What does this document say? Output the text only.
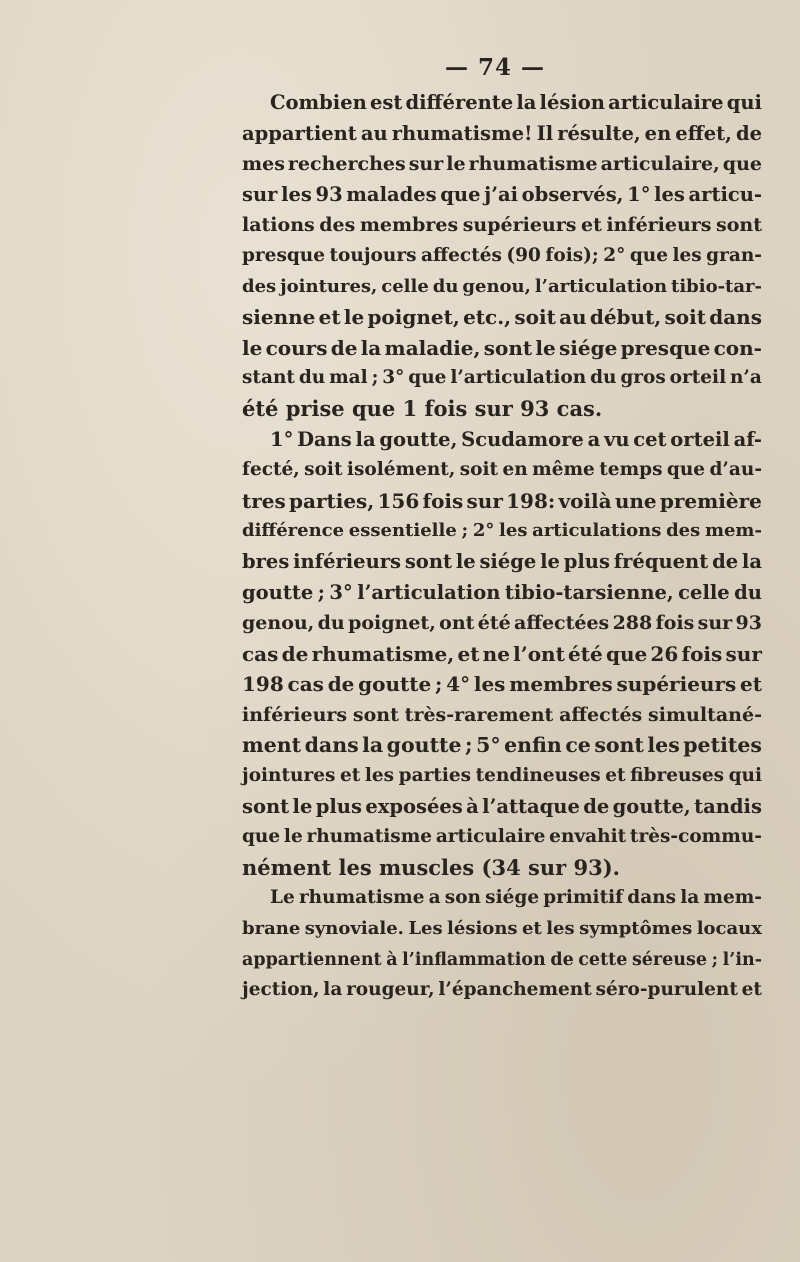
— 74 —
Combien est différente la lésion articulaire qui
appartient au rhumatisme! Il résulte, en effet, de
mes recherches sur le rhumatisme articulaire, que
sur les 93 malades que j’ai observés, 1° les articu-
lations des membres supérieurs et inférieurs sont
presque toujours affectés (90 fois); 2° que les gran-
des jointures, celle du genou, l’articulation tibio-tar-
sienne et le poignet, etc., soit au début, soit dans
le cours de la maladie, sont le siége presque con-
stant du mal ; 3° que l’articulation du gros orteil n’a
été prise que 1 fois sur 93 cas.
1° Dans la goutte, Scudamore a vu cet orteil af-
fecté, soit isolément, soit en même temps que d’au-
tres parties, 156 fois sur 198: voilà une première
différence essentielle ; 2° les articulations des mem-
bres inférieurs sont le siége le plus fréquent de la
goutte ; 3° l’articulation tibio-tarsienne, celle du
genou, du poignet, ont été affectées 288 fois sur 93
cas de rhumatisme, et ne l’ont été que 26 fois sur
198 cas de goutte ; 4° les membres supérieurs et
inférieurs sont très-rarement affectés simultané-
ment dans la goutte ; 5° enfin ce sont les petites
jointures et les parties tendineuses et fibreuses qui
sont le plus exposées à l’attaque de goutte, tandis
que le rhumatisme articulaire envahit très-commu-
nément les muscles (34 sur 93).
Le rhumatisme a son siége primitif dans la mem-
brane synoviale. Les lésions et les symptômes locaux
appartiennent à l’inflammation de cette séreuse ; l’in-
jection, la rougeur, l’épanchement séro-purulent et
